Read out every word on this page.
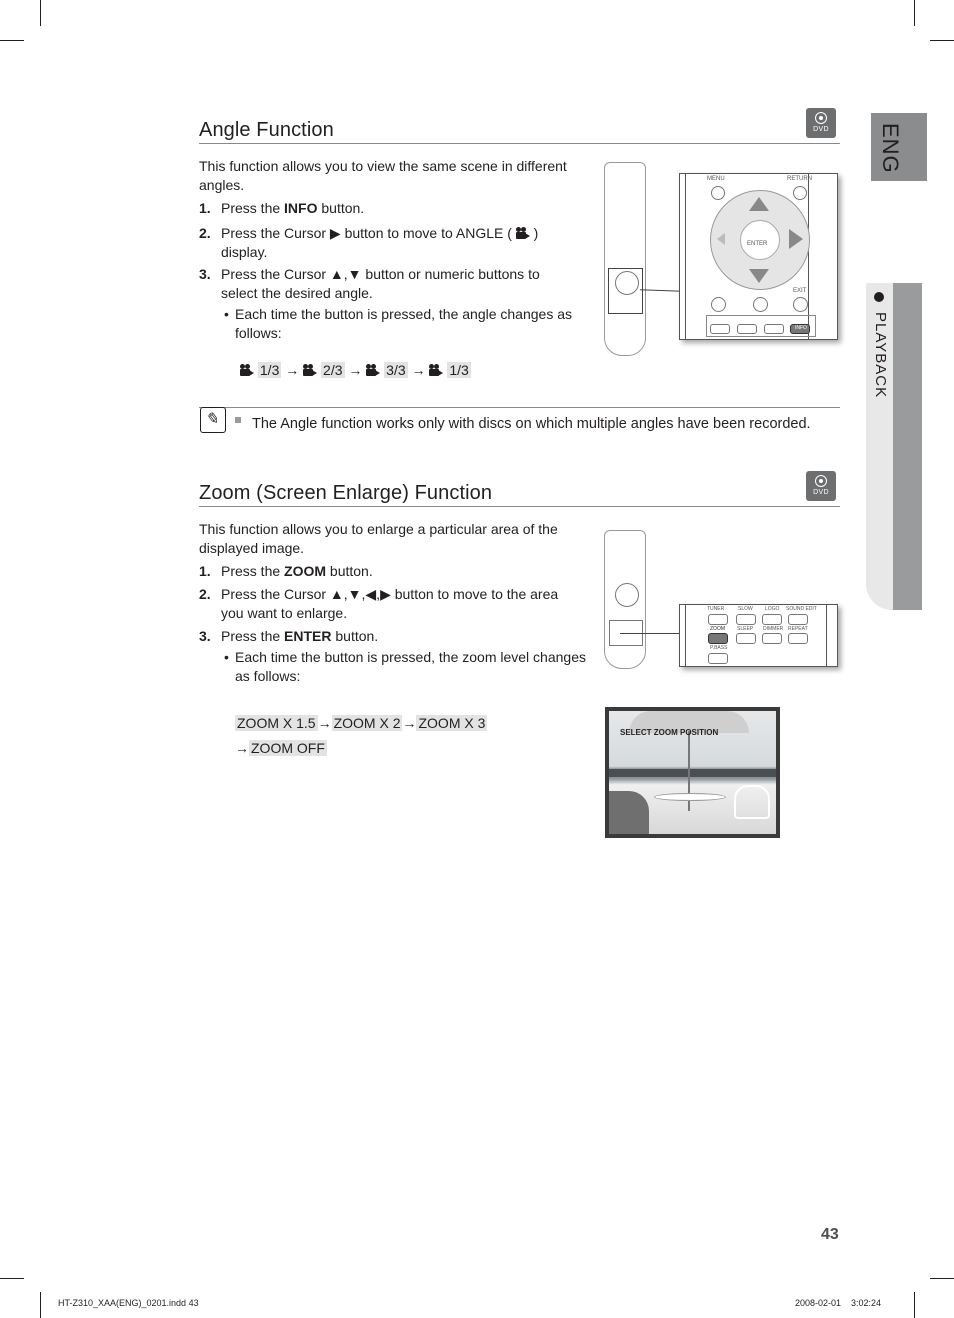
ENG
PLAYBACK
Angle Function	DVD
This function allows you to view the same scene in different angles.
1. Press the INFO button.
2. Press the Cursor ▶ button to move to ANGLE ( )
display.
3. Press the Cursor ▲,▼ button or numeric buttons to
select the desired angle.
• Each time the button is pressed, the angle changes as
follows:
1/3 → 2/3 → 3/3 → 1/3
MENU	RETURN
ENTER
EXIT
INFO
✎ The Angle function works only with discs on which multiple angles have been recorded.
Zoom (Screen Enlarge) Function	DVD
This function allows you to enlarge a particular area of the
displayed image.
1. Press the ZOOM button.
2. Press the Cursor ▲,▼,◀,▶ button to move to the area
you want to enlarge.
3. Press the ENTER button.
• Each time the button is pressed, the zoom level changes
as follows:
ZOOM X 1.5 → ZOOM X 2 → ZOOM X 3
→ ZOOM OFF
TUNER	SLOW LOGO SOUND EDIT
ZOOM SLEEP DIMMER REPEAT
P.BASS
SELECT ZOOM POSITION
43
HT-Z310_XAA(ENG)_0201.indd 43	2008-02-01    3:02:24
